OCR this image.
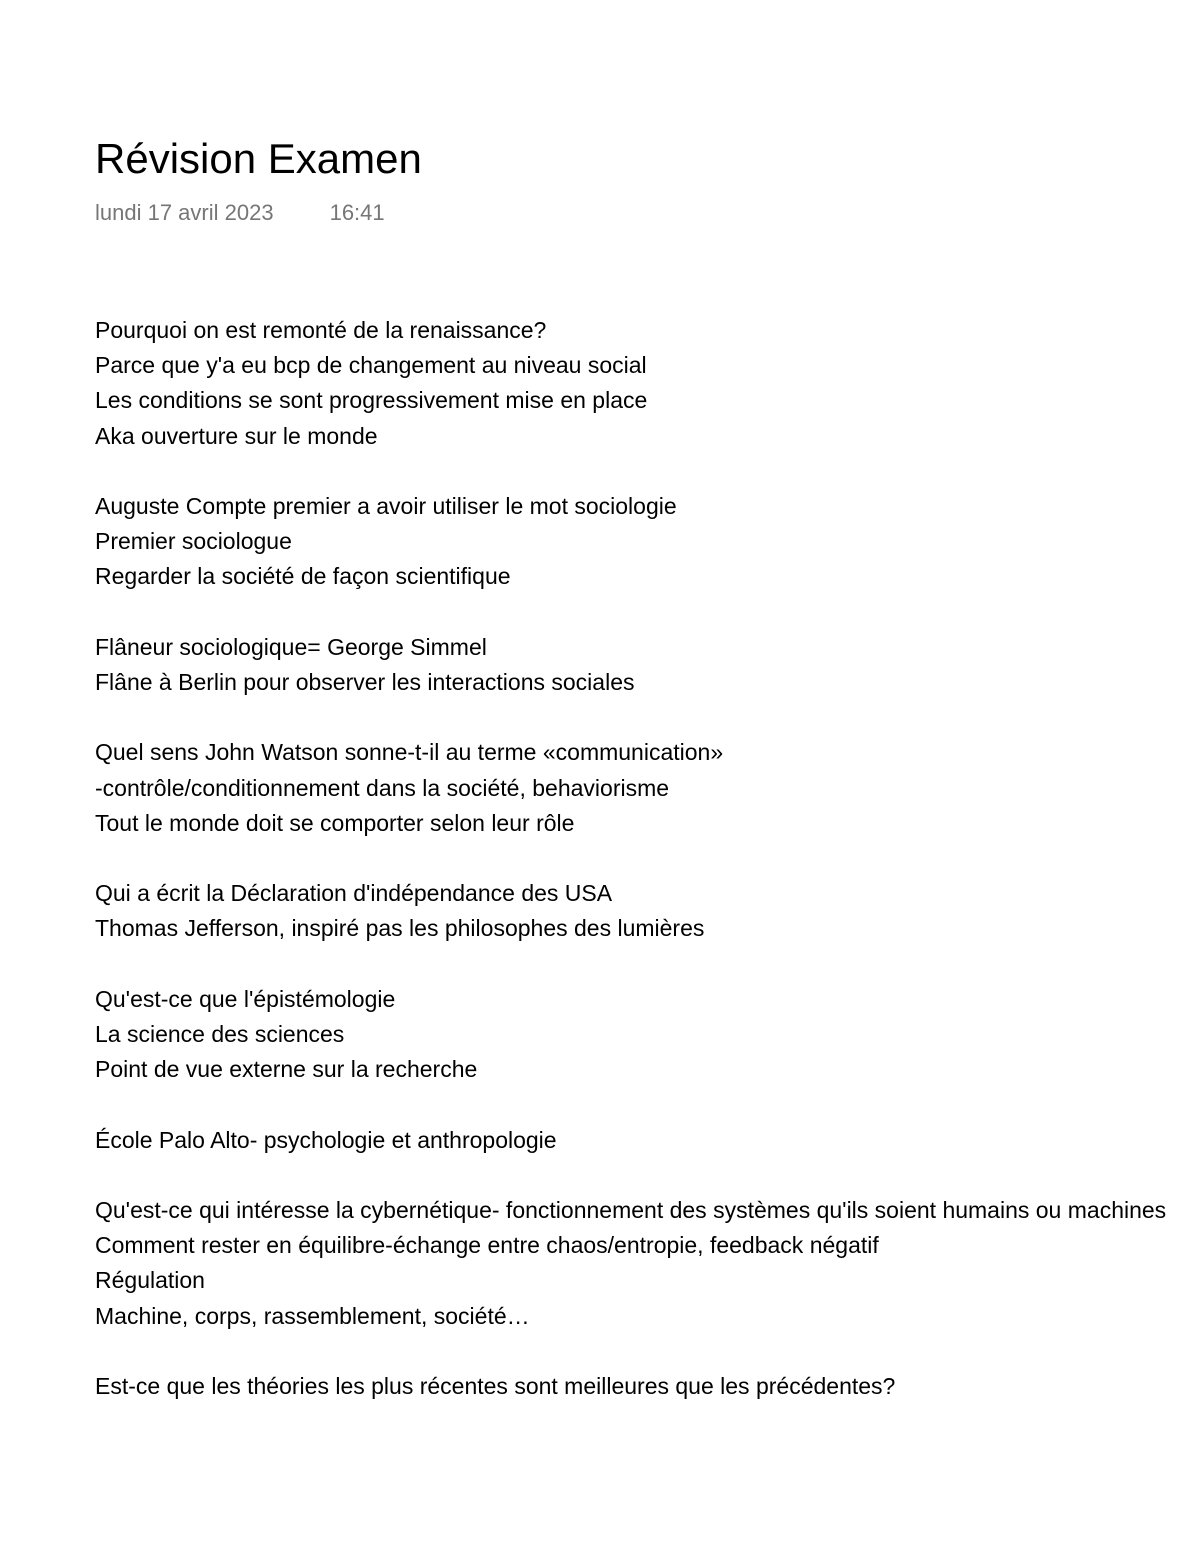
Révision Examen
lundi 17 avril 2023	16:41
Pourquoi on est remonté de la renaissance?
Parce que y'a eu bcp de changement au niveau social
Les conditions se sont progressivement mise en place
Aka ouverture sur le monde
Auguste Compte premier a avoir utiliser le mot sociologie
Premier sociologue
Regarder la société de façon scientifique
Flâneur sociologique= George Simmel
Flâne à Berlin pour observer les interactions sociales
Quel sens John Watson sonne-t-il au terme «communication»
-contrôle/conditionnement dans la société, behaviorisme
Tout le monde doit se comporter selon leur rôle
Qui a écrit la Déclaration d'indépendance des USA
Thomas Jefferson, inspiré pas les philosophes des lumières
Qu'est-ce que l'épistémologie
La science des sciences
Point de vue externe sur la recherche
École Palo Alto- psychologie et anthropologie
Qu'est-ce qui intéresse la cybernétique- fonctionnement des systèmes qu'ils soient humains ou machines
Comment rester en équilibre-échange entre chaos/entropie, feedback négatif
Régulation
Machine, corps, rassemblement, société…
Est-ce que les théories les plus récentes sont meilleures que les précédentes?
